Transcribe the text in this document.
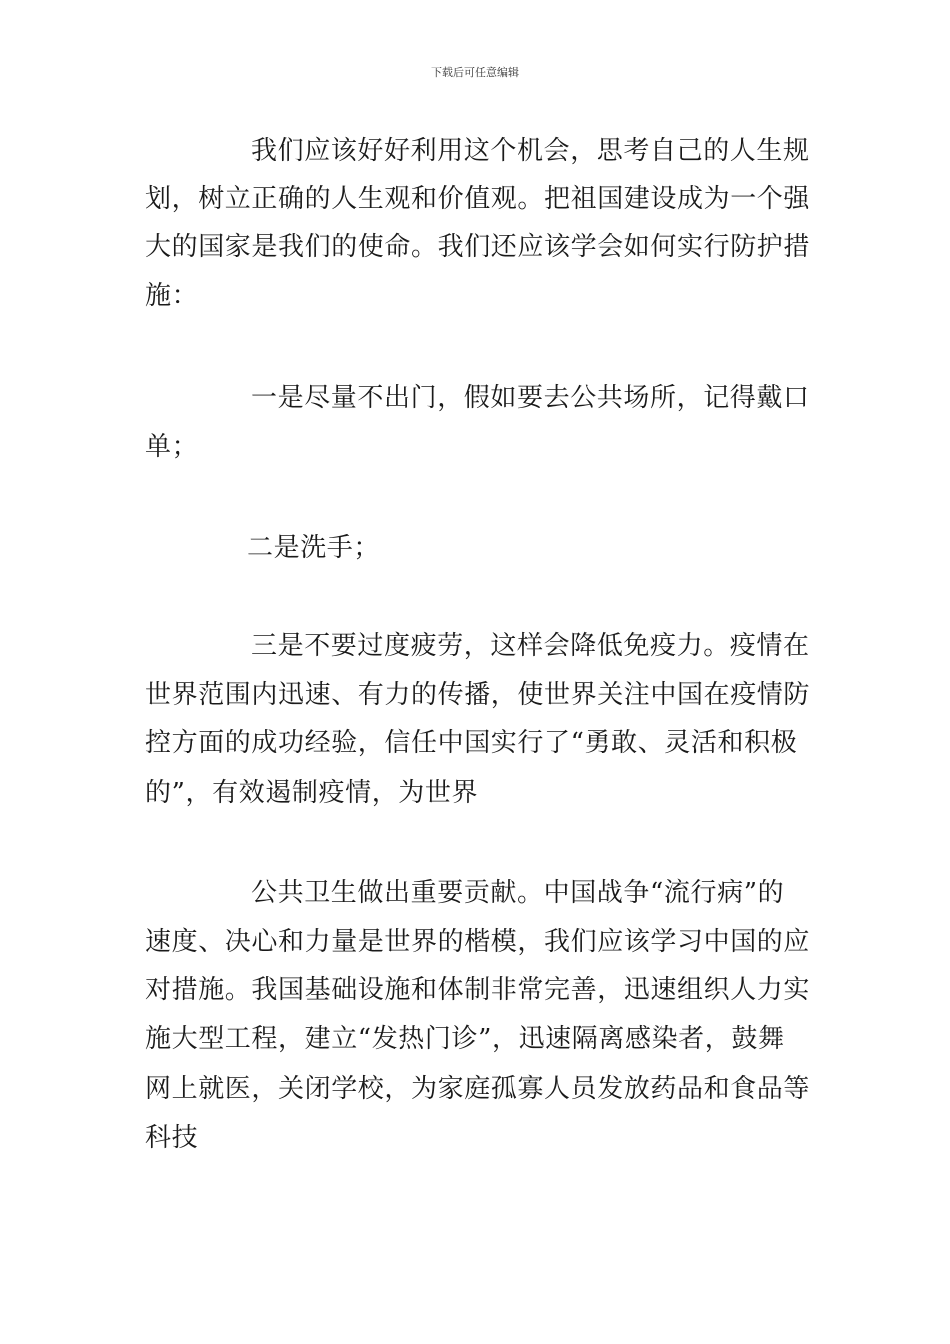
下载后可任意编辑
我们应该好好利用这个机会，思考自己的人生规
划，树立正确的人生观和价值观。把祖国建设成为一个强
大的国家是我们的使命。我们还应该学会如何实行防护措
施：
一是尽量不出门，假如要去公共场所，记得戴口
单；
二是洗手；
三是不要过度疲劳，这样会降低免疫力。疫情在
世界范围内迅速、有力的传播，使世界关注中国在疫情防
控方面的成功经验，信任中国实行了“勇敢、灵活和积极
的”，有效遏制疫情，为世界
公共卫生做出重要贡献。中国战争“流行病”的
速度、决心和力量是世界的楷模，我们应该学习中国的应
对措施。我国基础设施和体制非常完善，迅速组织人力实
施大型工程，建立“发热门诊”，迅速隔离感染者，鼓舞
网上就医，关闭学校，为家庭孤寡人员发放药品和食品等
科技
